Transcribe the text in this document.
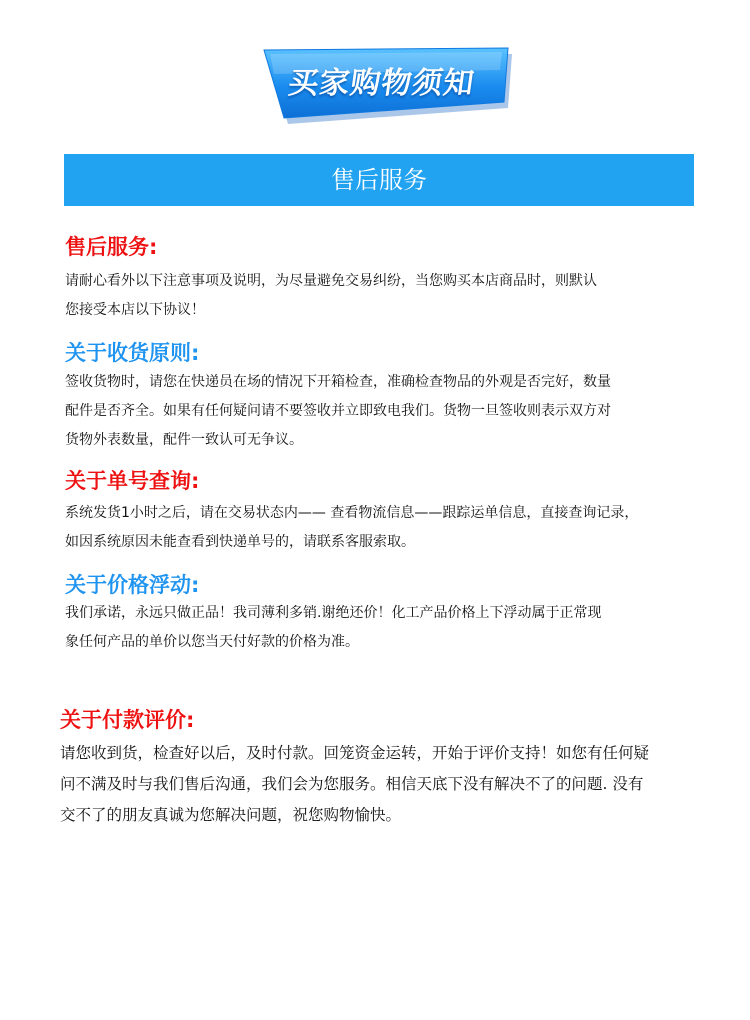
买家购物须知
售后服务
售后服务:
请耐心看外以下注意事项及说明，为尽量避免交易纠纷，当您购买本店商品时，则默认
您接受本店以下协议！
关于收货原则:
签收货物时，请您在快递员在场的情况下开箱检查，准确检查物品的外观是否完好，数量
配件是否齐全。如果有任何疑问请不要签收并立即致电我们。货物一旦签收则表示双方对
货物外表数量，配件一致认可无争议。
关于单号查询:
系统发货1小时之后，请在交易状态内—— 查看物流信息——跟踪运单信息，直接查询记录，
如因系统原因未能查看到快递单号的，请联系客服索取。
关于价格浮动:
我们承诺，永远只做正品！我司薄利多销.谢绝还价！化工产品价格上下浮动属于正常现
象任何产品的单价以您当天付好款的价格为准。
关于付款评价:
请您收到货，检查好以后，及时付款。回笼资金运转，开始于评价支持！如您有任何疑
问不满及时与我们售后沟通，我们会为您服务。相信天底下没有解决不了的问题. 没有
交不了的朋友真诚为您解决问题，祝您购物愉快。
